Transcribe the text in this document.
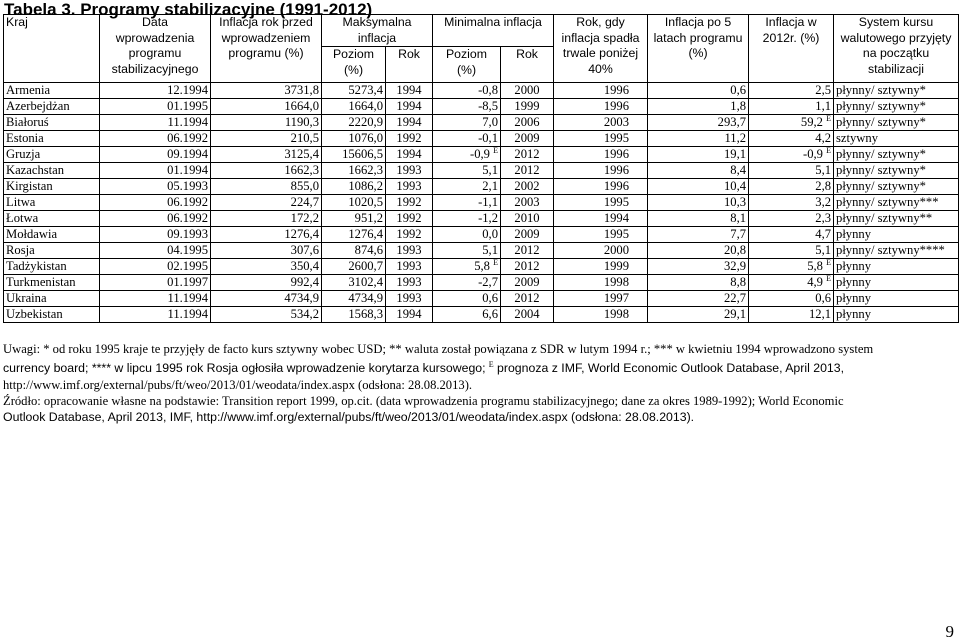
Tabela 3. Programy stabilizacyjne (1991-2012)
Kraj	Data wprowadzenia programu stabilizacyjnego	Inflacja rok przed wprowadzeniem programu (%)	Maksymalna inflacja		Minimalna inflacja		Rok, gdy inflacja spadła trwale poniżej 40%	Inflacja po 5 latach programu (%)	Inflacja w 2012r. (%)	System kursu walutowego przyjęty na początku stabilizacji
			Poziom (%)	Rok	Poziom (%)	Rok				
Armenia	12.1994	3731,8	5273,4	1994	-0,8	2000	1996	0,6	2,5	płynny/ sztywny*
Azerbejdżan	01.1995	1664,0	1664,0	1994	-8,5	1999	1996	1,8	1,1	płynny/ sztywny*
Białoruś	11.1994	1190,3	2220,9	1994	7,0	2006	2003	293,7	59,2 $^E$	płynny/ sztywny*
Estonia	06.1992	210,5	1076,0	1992	-0,1	2009	1995	11,2	4,2	sztywny
Gruzja	09.1994	3125,4	15606,5	1994	-0,9 $^E$	2012	1996	19,1	-0,9 $^E$	płynny/ sztywny*
Kazachstan	01.1994	1662,3	1662,3	1993	5,1	2012	1996	8,4	5,1	płynny/ sztywny*
Kirgistan	05.1993	855,0	1086,2	1993	2,1	2002	1996	10,4	2,8	płynny/ sztywny*
Litwa	06.1992	224,7	1020,5	1992	-1,1	2003	1995	10,3	3,2	płynny/ sztywny***
Łotwa	06.1992	172,2	951,2	1992	-1,2	2010	1994	8,1	2,3	płynny/ sztywny**
Mołdawia	09.1993	1276,4	1276,4	1992	0,0	2009	1995	7,7	4,7	płynny
Rosja	04.1995	307,6	874,6	1993	5,1	2012	2000	20,8	5,1	płynny/ sztywny****
Tadżykistan	02.1995	350,4	2600,7	1993	5,8 $^E$	2012	1999	32,9	5,8 $^E$	płynny
Turkmenistan	01.1997	992,4	3102,4	1993	-2,7	2009	1998	8,8	4,9 $^E$	płynny
Ukraina	11.1994	4734,9	4734,9	1993	0,6	2012	1997	22,7	0,6	płynny
Uzbekistan	11.1994	534,2	1568,3	1994	6,6	2004	1998	29,1	12,1	płynny

Uwagi: * od roku 1995 kraje te przyjęły de facto kurs sztywny wobec USD; ** waluta został powiązana z SDR w lutym 1994 r.; *** w kwietniu 1994 wprowadzono system

currency board; **** w lipcu 1995 rok Rosja ogłosiła wprowadzenie korytarza kursowego; $^E$ prognoza z IMF, World Economic Outlook Database, April 2013,

http://www.imf.org/external/pubs/ft/weo/2013/01/weodata/index.aspx (odsłona: 28.08.2013).

Źródło: opracowanie własne na podstawie: Transition report 1999, op.cit. (data wprowadzenia programu stabilizacyjnego; dane za okres 1989-1992); World Economic

Outlook Database, April 2013, IMF, http://www.imf.org/external/pubs/ft/weo/2013/01/weodata/index.aspx (odsłona: 28.08.2013).

9
